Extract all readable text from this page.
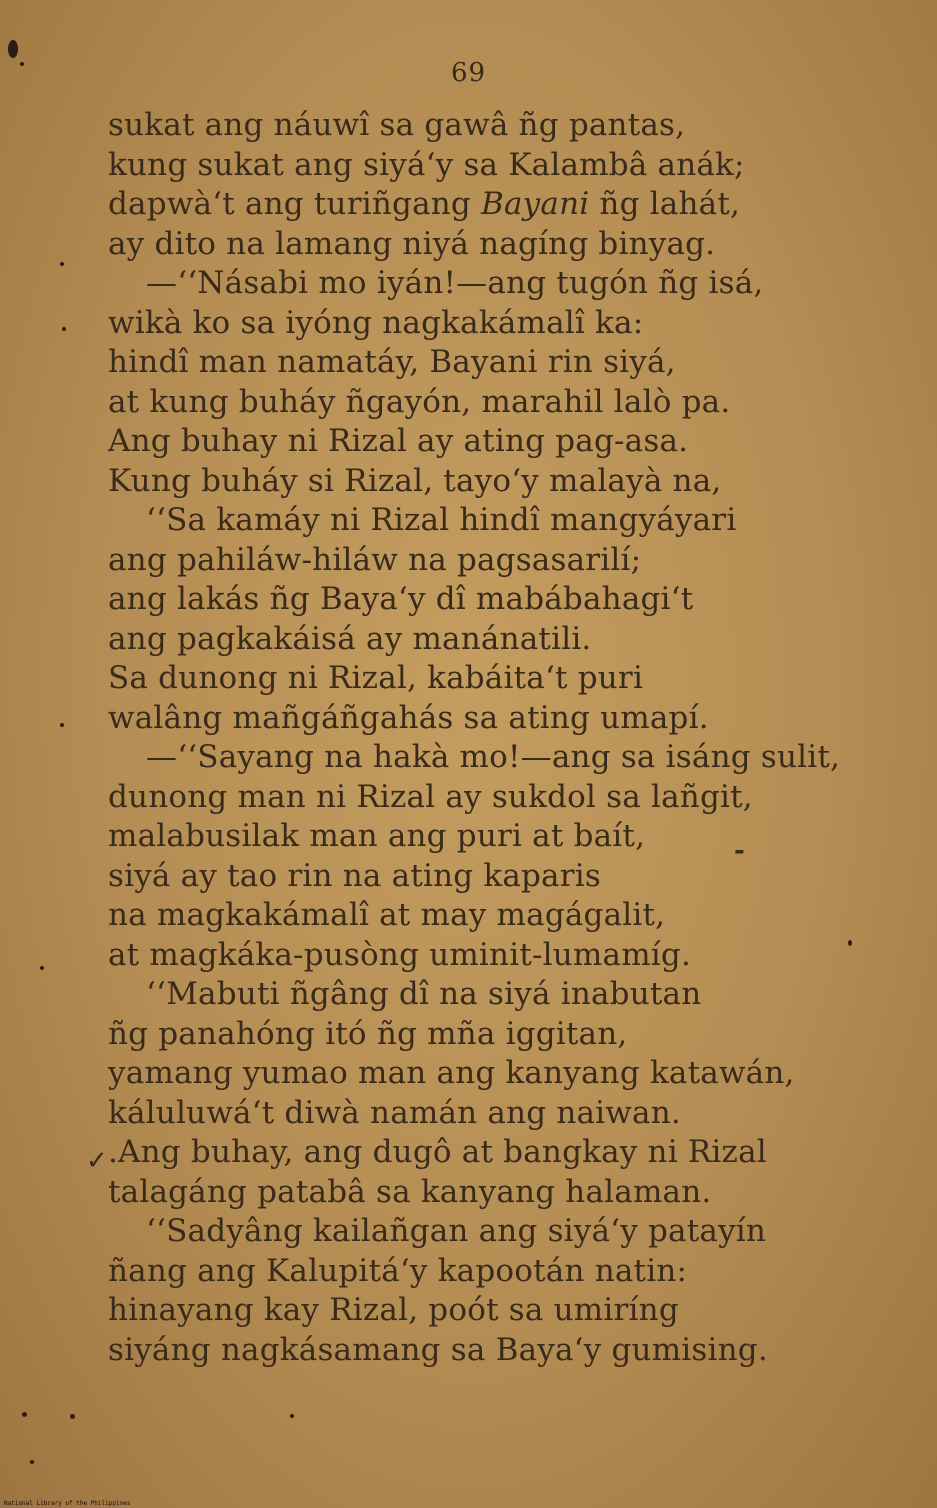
69
sukat ang náuwî sa gawâ ñg pantas,
kung sukat ang siyá‘y sa Kalambâ anák;
dapwà‘t ang turiñgang Bayani ñg lahát,
ay dito na lamang niyá nagíng binyag.
—‘‘Násabi mo iyán!—ang tugón ñg isá,
wikà ko sa iyóng nagkakámalî ka:
hindî man namatáy, Bayani rin siyá,
at kung buháy ñgayón, marahil lalò pa.
Ang buhay ni Rizal ay ating pag-asa.
Kung buháy si Rizal, tayo‘y malayà na,
‘‘Sa kamáy ni Rizal hindî mangyáyari
ang pahiláw-hiláw na pagsasarilí;
ang lakás ñg Baya‘y dî mabábahagi‘t
ang pagkakáisá ay manánatili.
Sa dunong ni Rizal, kabáita‘t puri
walâng mañgáñgahás sa ating umapí.
—‘‘Sayang na hakà mo!—ang sa isáng sulit,
dunong man ni Rizal ay sukdol sa lañgit,
malabusilak man ang puri at baít,
siyá ay tao rin na ating kaparis
na magkakámalî at may magágalit,
at magkáka-pusòng uminit-lumamíg.
‘‘Mabuti ñgâng dî na siyá inabutan
ñg panahóng itó ñg mña iggitan,
yamang yumao man ang kanyang katawán,
káluluwá‘t diwà namán ang naiwan.
.Ang buhay, ang dugô at bangkay ni Rizal
talagáng patabâ sa kanyang halaman.
‘‘Sadyâng kailañgan ang siyá‘y patayín
ñang ang Kalupitá‘y kapootán natin:
hinayang kay Rizal, poót sa umiríng
siyáng nagkásamang sa Baya‘y gumising.
✓
-
National Library of the Philippines
